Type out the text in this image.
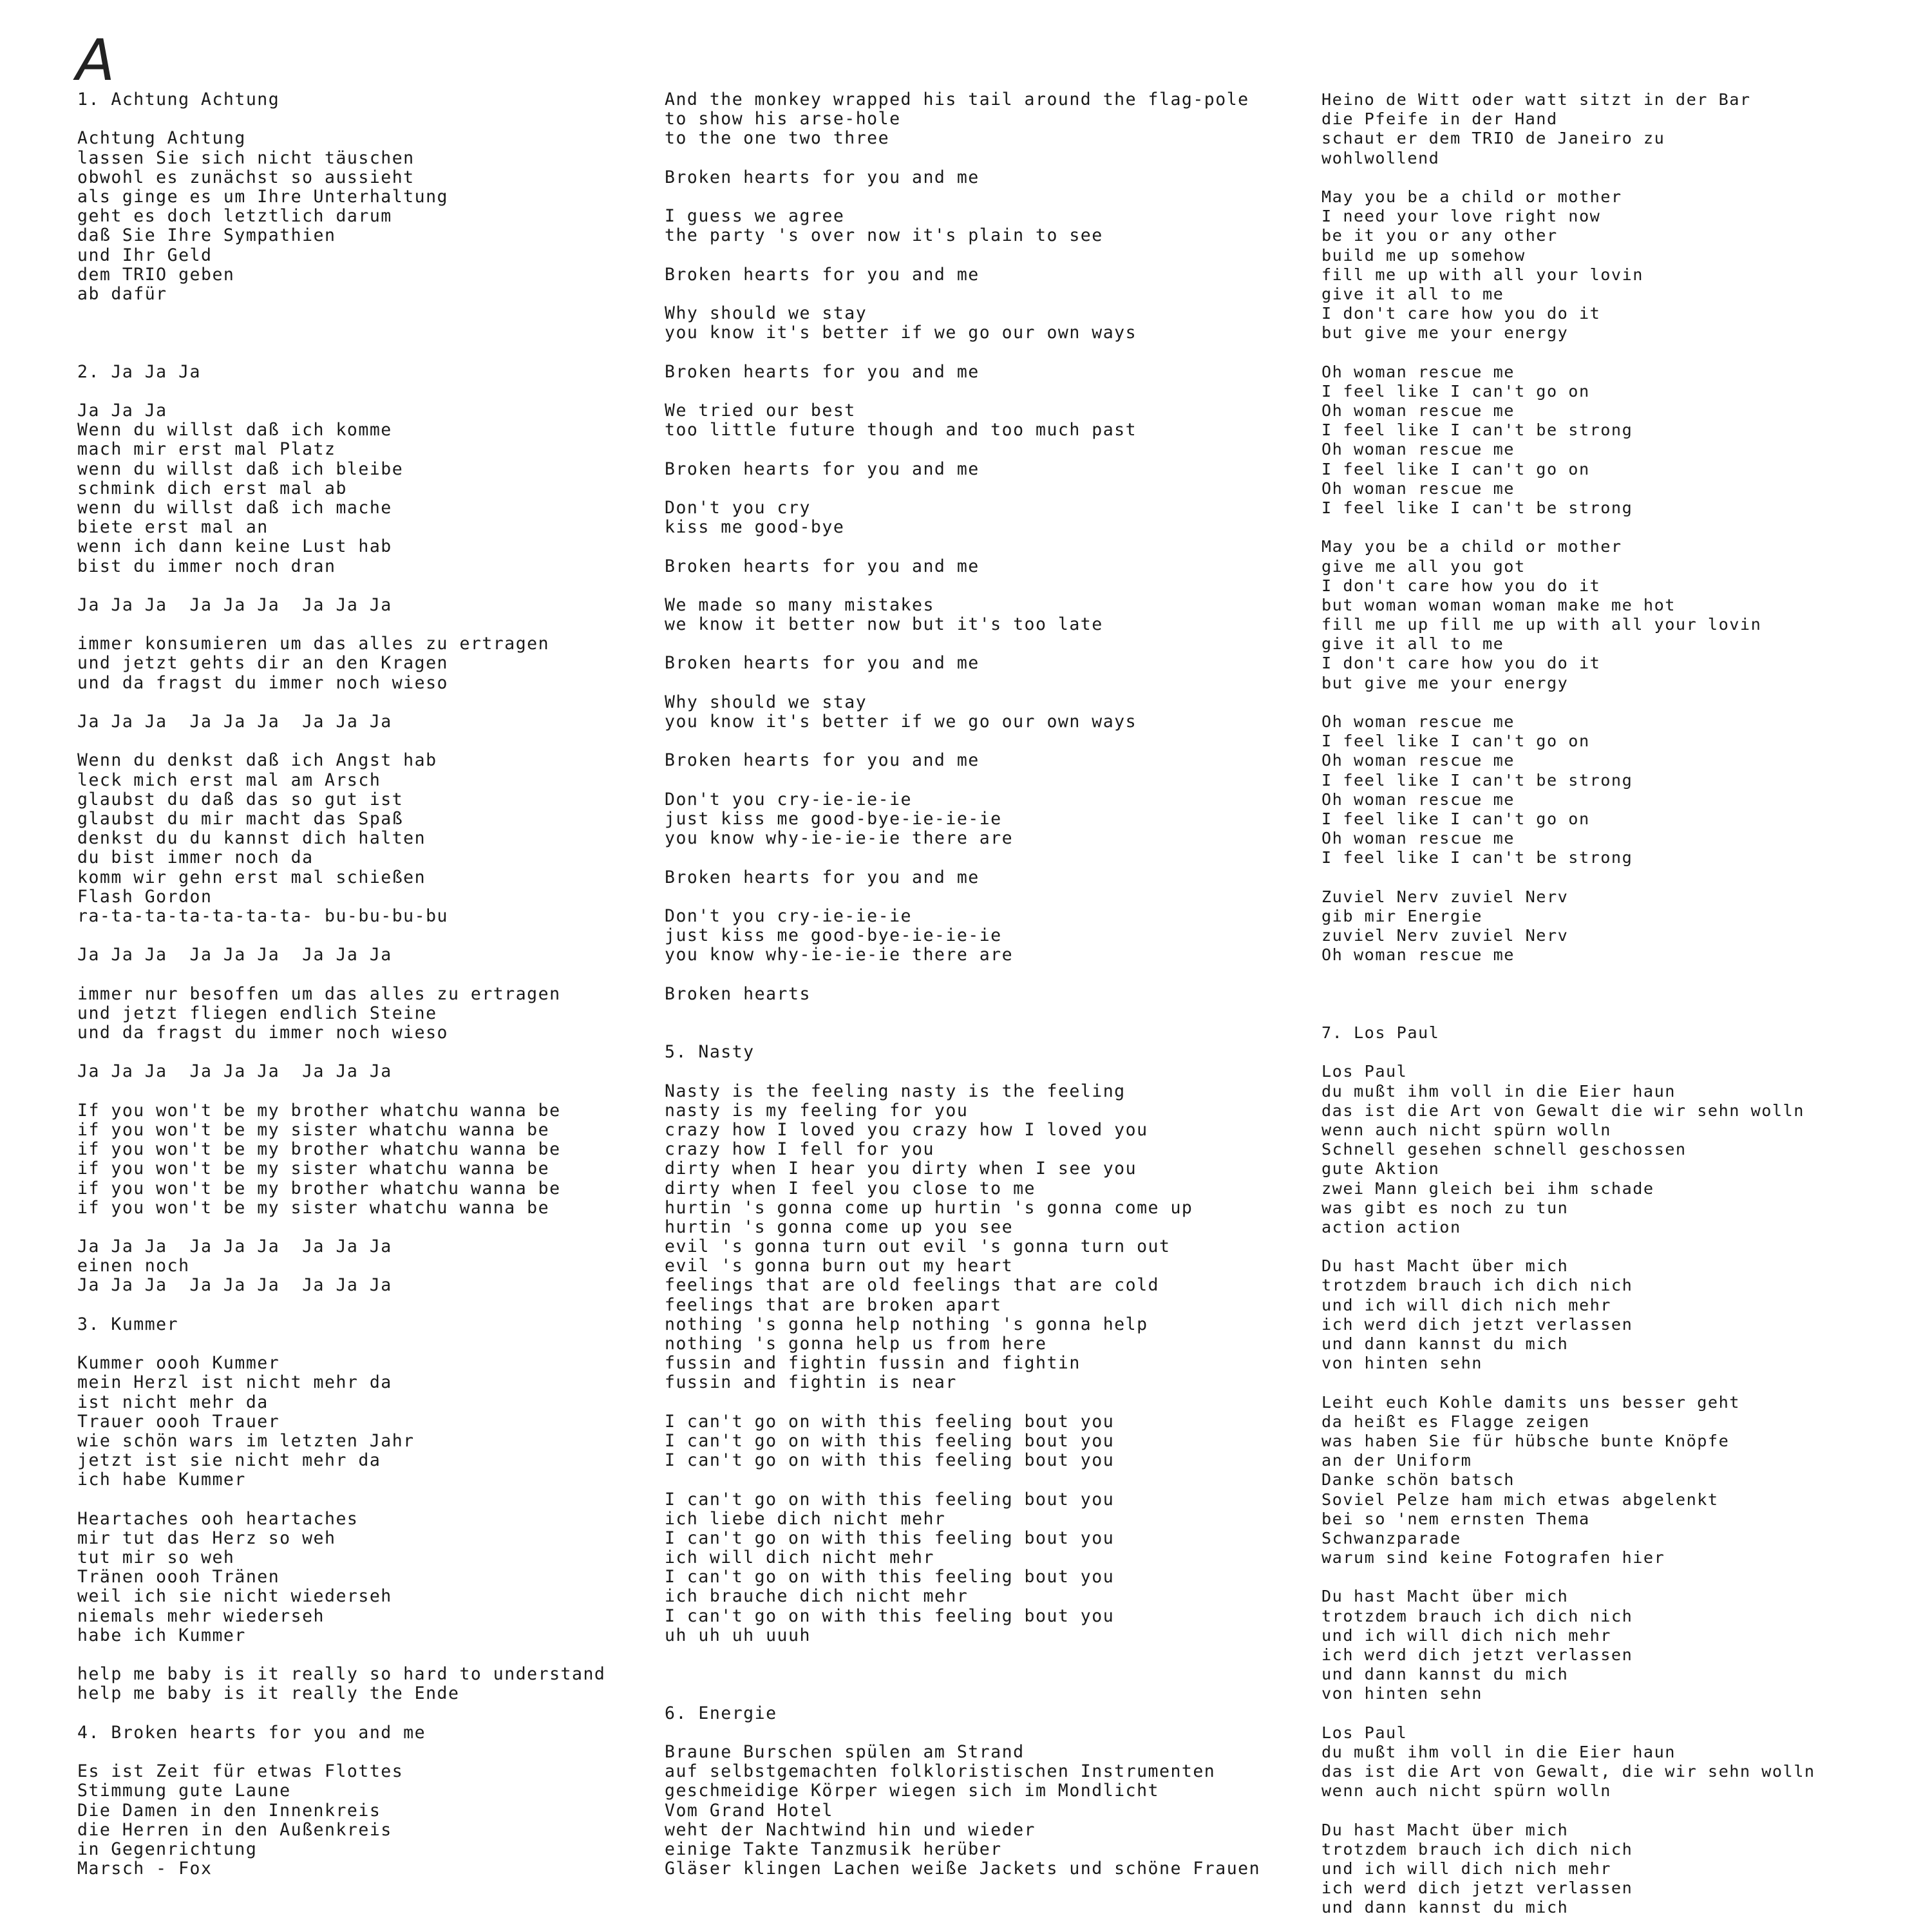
A
1. Achtung Achtung
Achtung Achtung
lassen Sie sich nicht täuschen
obwohl es zunächst so aussieht
als ginge es um Ihre Unterhaltung
geht es doch letztlich darum
daß Sie Ihre Sympathien
und Ihr Geld
dem TRIO geben
ab dafür
2. Ja Ja Ja
Ja Ja Ja
Wenn du willst daß ich komme
mach mir erst mal Platz
wenn du willst daß ich bleibe
schmink dich erst mal ab
wenn du willst daß ich mache
biete erst mal an
wenn ich dann keine Lust hab
bist du immer noch dran
Ja Ja Ja  Ja Ja Ja  Ja Ja Ja
immer konsumieren um das alles zu ertragen
und jetzt gehts dir an den Kragen
und da fragst du immer noch wieso
Ja Ja Ja  Ja Ja Ja  Ja Ja Ja
Wenn du denkst daß ich Angst hab
leck mich erst mal am Arsch
glaubst du daß das so gut ist
glaubst du mir macht das Spaß
denkst du du kannst dich halten
du bist immer noch da
komm wir gehn erst mal schießen
Flash Gordon
ra-ta-ta-ta-ta-ta-ta- bu-bu-bu-bu
Ja Ja Ja  Ja Ja Ja  Ja Ja Ja
immer nur besoffen um das alles zu ertragen
und jetzt fliegen endlich Steine
und da fragst du immer noch wieso
Ja Ja Ja  Ja Ja Ja  Ja Ja Ja
If you won't be my brother whatchu wanna be
if you won't be my sister whatchu wanna be
if you won't be my brother whatchu wanna be
if you won't be my sister whatchu wanna be
if you won't be my brother whatchu wanna be
if you won't be my sister whatchu wanna be
Ja Ja Ja  Ja Ja Ja  Ja Ja Ja
einen noch
Ja Ja Ja  Ja Ja Ja  Ja Ja Ja
3. Kummer
Kummer oooh Kummer
mein Herzl ist nicht mehr da
ist nicht mehr da
Trauer oooh Trauer
wie schön wars im letzten Jahr
jetzt ist sie nicht mehr da
ich habe Kummer
Heartaches ooh heartaches
mir tut das Herz so weh
tut mir so weh
Tränen oooh Tränen
weil ich sie nicht wiederseh
niemals mehr wiederseh
habe ich Kummer
help me baby is it really so hard to understand
help me baby is it really the Ende
4. Broken hearts for you and me
Es ist Zeit für etwas Flottes
Stimmung gute Laune
Die Damen in den Innenkreis
die Herren in den Außenkreis
in Gegenrichtung
Marsch - Fox
And the monkey wrapped his tail around the flag-pole
to show his arse-hole
to the one two three
Broken hearts for you and me
I guess we agree
the party 's over now it's plain to see
Broken hearts for you and me
Why should we stay
you know it's better if we go our own ways
Broken hearts for you and me
We tried our best
too little future though and too much past
Broken hearts for you and me
Don't you cry
kiss me good-bye
Broken hearts for you and me
We made so many mistakes
we know it better now but it's too late
Broken hearts for you and me
Why should we stay
you know it's better if we go our own ways
Broken hearts for you and me
Don't you cry-ie-ie-ie
just kiss me good-bye-ie-ie-ie
you know why-ie-ie-ie there are
Broken hearts for you and me
Don't you cry-ie-ie-ie
just kiss me good-bye-ie-ie-ie
you know why-ie-ie-ie there are
Broken hearts
5. Nasty
Nasty is the feeling nasty is the feeling
nasty is my feeling for you
crazy how I loved you crazy how I loved you
crazy how I fell for you
dirty when I hear you dirty when I see you
dirty when I feel you close to me
hurtin 's gonna come up hurtin 's gonna come up
hurtin 's gonna come up you see
evil 's gonna turn out evil 's gonna turn out
evil 's gonna burn out my heart
feelings that are old feelings that are cold
feelings that are broken apart
nothing 's gonna help nothing 's gonna help
nothing 's gonna help us from here
fussin and fightin fussin and fightin
fussin and fightin is near
I can't go on with this feeling bout you
I can't go on with this feeling bout you
I can't go on with this feeling bout you
I can't go on with this feeling bout you
ich liebe dich nicht mehr
I can't go on with this feeling bout you
ich will dich nicht mehr
I can't go on with this feeling bout you
ich brauche dich nicht mehr
I can't go on with this feeling bout you
uh uh uh uuuh
6. Energie
Braune Burschen spülen am Strand
auf selbstgemachten folkloristischen Instrumenten
geschmeidige Körper wiegen sich im Mondlicht
Vom Grand Hotel
weht der Nachtwind hin und wieder
einige Takte Tanzmusik herüber
Gläser klingen Lachen weiße Jackets und schöne Frauen
Heino de Witt oder watt sitzt in der Bar
die Pfeife in der Hand
schaut er dem TRIO de Janeiro zu
wohlwollend
May you be a child or mother
I need your love right now
be it you or any other
build me up somehow
fill me up with all your lovin
give it all to me
I don't care how you do it
but give me your energy
Oh woman rescue me
I feel like I can't go on
Oh woman rescue me
I feel like I can't be strong
Oh woman rescue me
I feel like I can't go on
Oh woman rescue me
I feel like I can't be strong
May you be a child or mother
give me all you got
I don't care how you do it
but woman woman woman make me hot
fill me up fill me up with all your lovin
give it all to me
I don't care how you do it
but give me your energy
Oh woman rescue me
I feel like I can't go on
Oh woman rescue me
I feel like I can't be strong
Oh woman rescue me
I feel like I can't go on
Oh woman rescue me
I feel like I can't be strong
Zuviel Nerv zuviel Nerv
gib mir Energie
zuviel Nerv zuviel Nerv
Oh woman rescue me
7. Los Paul
Los Paul
du mußt ihm voll in die Eier haun
das ist die Art von Gewalt die wir sehn wolln
wenn auch nicht spürn wolln
Schnell gesehen schnell geschossen
gute Aktion
zwei Mann gleich bei ihm schade
was gibt es noch zu tun
action action
Du hast Macht über mich
trotzdem brauch ich dich nich
und ich will dich nich mehr
ich werd dich jetzt verlassen
und dann kannst du mich
von hinten sehn
Leiht euch Kohle damits uns besser geht
da heißt es Flagge zeigen
was haben Sie für hübsche bunte Knöpfe
an der Uniform
Danke schön batsch
Soviel Pelze ham mich etwas abgelenkt
bei so 'nem ernsten Thema
Schwanzparade
warum sind keine Fotografen hier
Du hast Macht über mich
trotzdem brauch ich dich nich
und ich will dich nich mehr
ich werd dich jetzt verlassen
und dann kannst du mich
von hinten sehn
Los Paul
du mußt ihm voll in die Eier haun
das ist die Art von Gewalt, die wir sehn wolln
wenn auch nicht spürn wolln
Du hast Macht über mich
trotzdem brauch ich dich nich
und ich will dich nich mehr
ich werd dich jetzt verlassen
und dann kannst du mich
